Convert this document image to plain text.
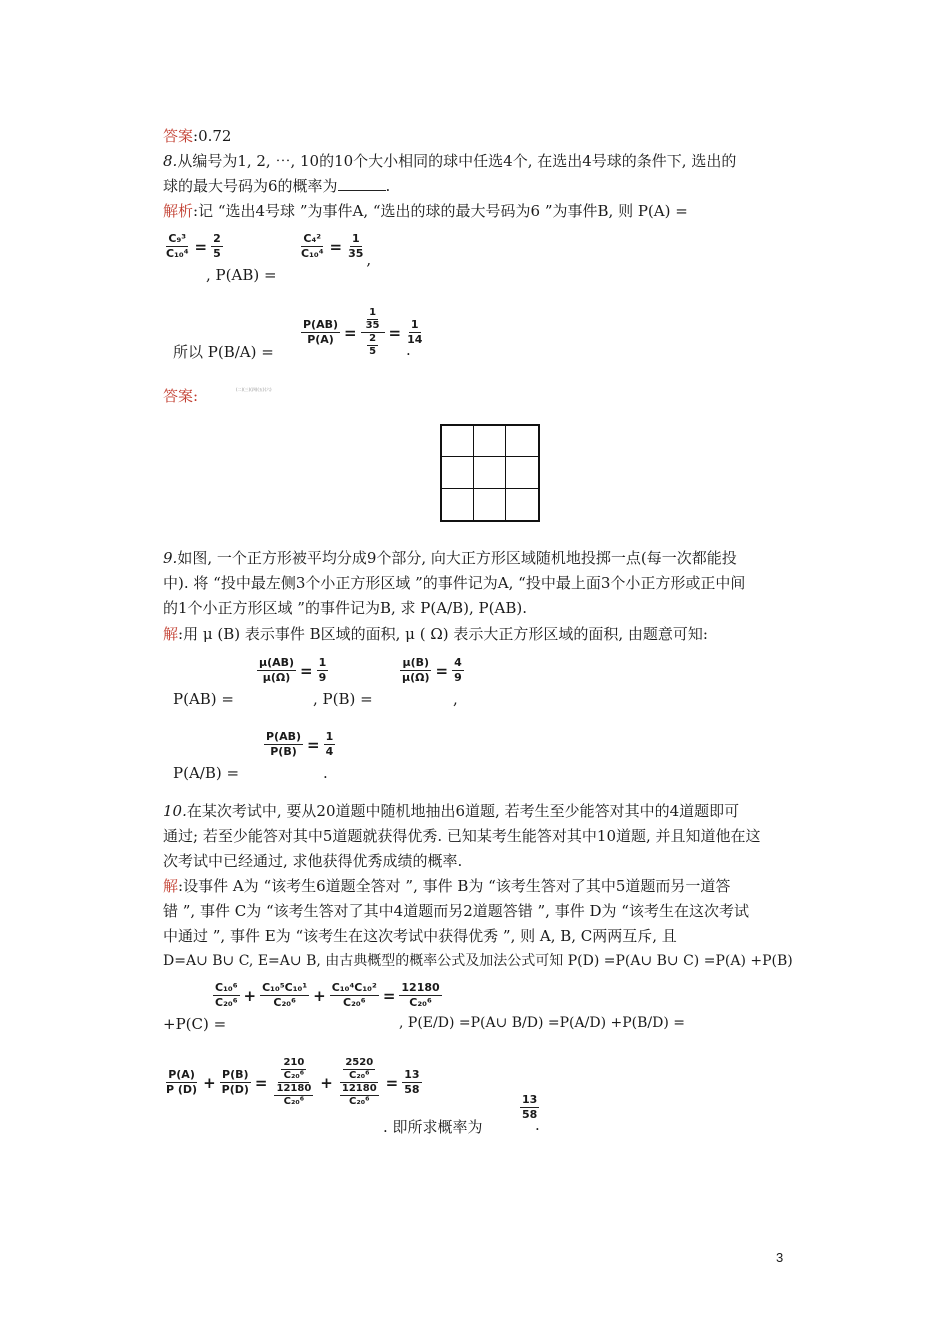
答案:0.72
8.从编号为1, 2, ⋯, 10的10个大小相同的球中任选4个, 在选出4号球的条件下, 选出的
球的最大号码为6的概率为	.
解析:记 “选出4号球 ”为事件A, “选出的球的最大号码为6 ”为事件B, 则 P(A) =
$\frac{\text{C₉³}}{\text{C₁₀⁴}} = \frac{2}{5}$
, P(AB) =
$\frac{\text{C₄²}}{\text{C₁₀⁴}} = \frac{1}{35}$ ,
所以 P(B/A) =
$\frac{P(AB)}{P(A)} = \frac{\frac{1}{35}}{\frac{2}{5}} = \frac{1}{14}$
.
答案:	(二)(三)(四)(五)(六)
9.如图, 一个正方形被平均分成9个部分, 向大正方形区域随机地投掷一点(每一次都能投
中). 将 “投中最左侧3个小正方形区域 ”的事件记为A, “投中最上面3个小正方形或正中间
的1个小正方形区域 ”的事件记为B, 求 P(A/B), P(AB).
解:用 μ (B) 表示事件 B区域的面积, μ ( Ω) 表示大正方形区域的面积, 由题意可知:
P(AB) =
$\frac{\mu(AB)}{\mu(\Omega)} = \frac{1}{9}$
, P(B) =
$\frac{\mu(B)}{\mu(\Omega)} = \frac{4}{9}$
,
P(A/B) =
$\frac{P(AB)}{P(B)} = \frac{1}{4}$
.
10.在某次考试中, 要从20道题中随机地抽出6道题, 若考生至少能答对其中的4道题即可
通过; 若至少能答对其中5道题就获得优秀. 已知某考生能答对其中10道题, 并且知道他在这
次考试中已经通过, 求他获得优秀成绩的概率.
解:设事件 A为 “该考生6道题全答对 ”, 事件 B为 “该考生答对了其中5道题而另一道答
错 ”, 事件 C为 “该考生答对了其中4道题而另2道题答错 ”, 事件 D为 “该考生在这次考试
中通过 ”, 事件 E为 “该考生在这次考试中获得优秀 ”, 则 A, B, C两两互斥, 且
D=A∪ B∪ C, E=A∪ B, 由古典概型的概率公式及加法公式可知 P(D) =P(A∪ B∪ C) =P(A) +P(B)
+P(C) =
$\frac{\text{C₁₀⁶}}{\text{C₂₀⁶}} + \frac{\text{C₁₀⁵C₁₀¹}}{\text{C₂₀⁶}} + \frac{\text{C₁₀⁴C₁₀²}}{\text{C₂₀⁶}} = \frac{12180}{\text{C₂₀⁶}}$
, P(E/D) =P(A∪ B/D) =P(A/D) +P(B/D) =
$\frac{P(A)}{P (D)} + \frac{P(B)}{P(D)} = \frac{\frac{210}{\text{C₂₀⁶}}}{\frac{12180}{\text{C₂₀⁶}}} + \frac{\frac{2520}{\text{C₂₀⁶}}}{\frac{12180}{\text{C₂₀⁶}}} = \frac{13}{58}$
. 即所求概率为
$\frac{13}{58}$
.
3
